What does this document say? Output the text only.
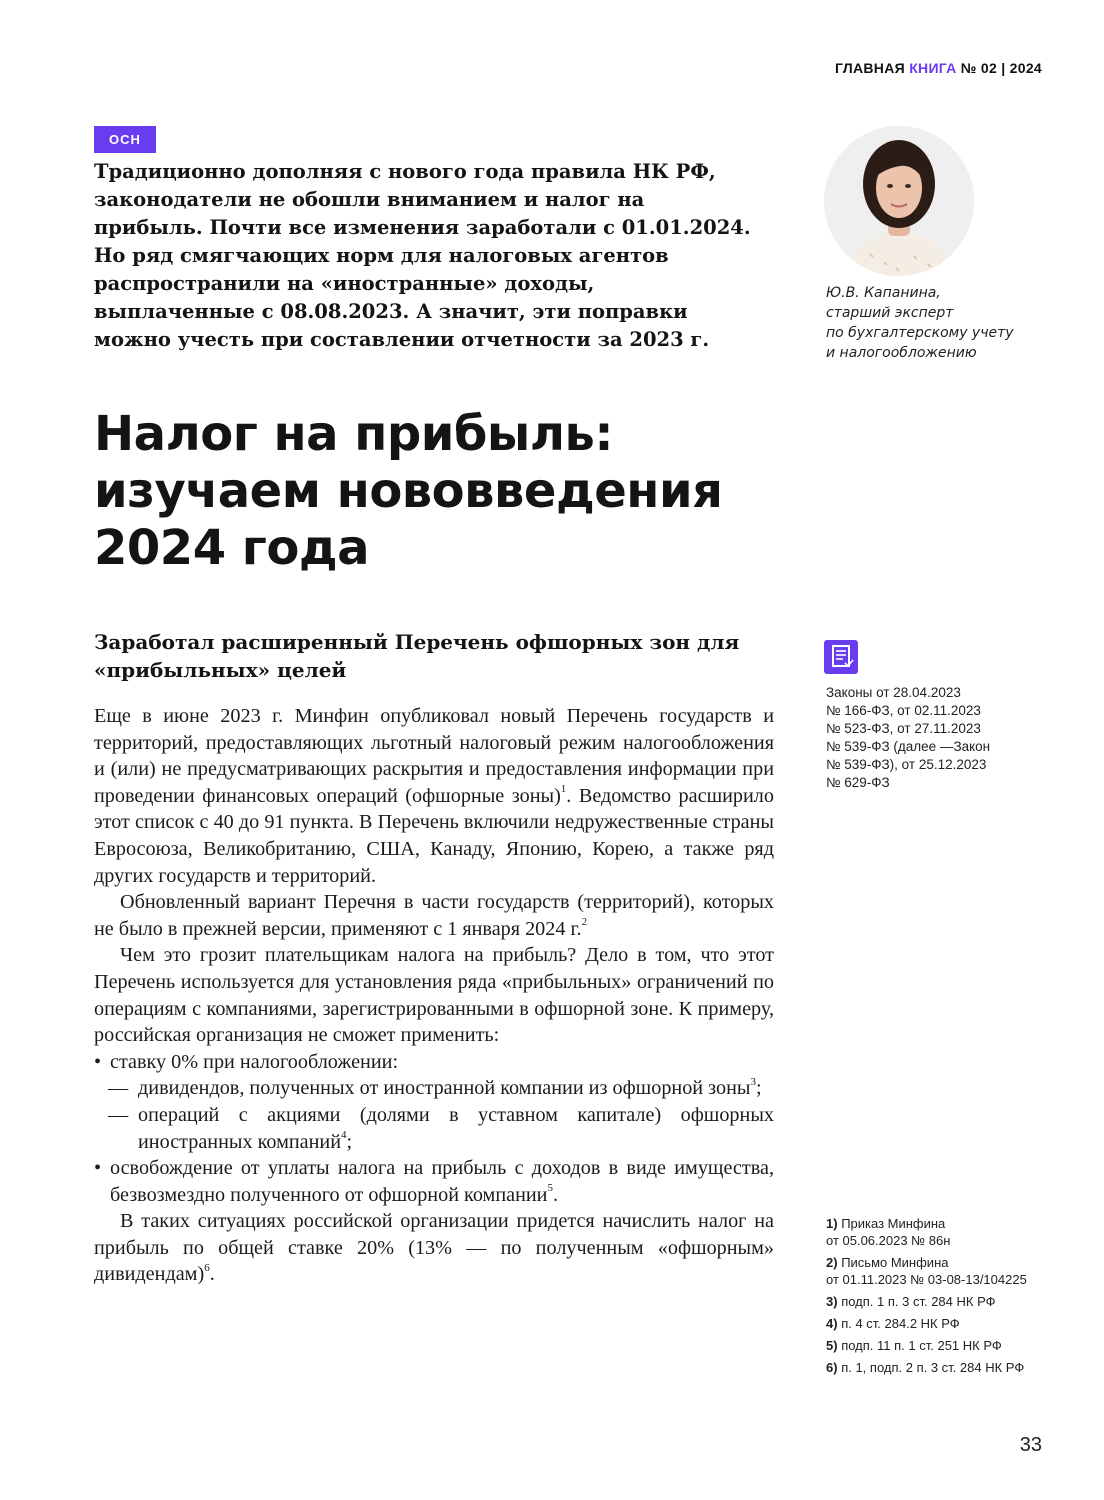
ГЛАВНАЯ КНИГА № 02 | 2024
ОСН

Традиционно дополняя с нового года правила НК РФ, законодатели не обошли вниманием и налог на прибыль. Почти все изменения заработали с 01.01.2024. Но ряд смягчающих норм для налоговых агентов распространили на «иностранные» доходы, выплаченные с 08.08.2023. А значит, эти поправки можно учесть при составлении отчетности за 2023 г.

Ю.В. Капанина,
старший эксперт
по бухгалтерскому учету
и налогообложению
Налог на прибыль:
изучаем нововведения
2024 года
Заработал расширенный Перечень офшорных зон для «прибыльных» целей

Еще в июне 2023 г. Минфин опубликовал новый Перечень государств и территорий, предоставляющих льготный налоговый режим налогообложения и (или) не предусматривающих раскрытия и предоставления информации при проведении финансовых операций (офшорные зоны)$^1$. Ведомство расширило этот список с 40 до 91 пункта. В Перечень включили недружественные страны Евросоюза, Великобританию, США, Канаду, Японию, Корею, а также ряд других государств и территорий.

Обновленный вариант Перечня в части государств (территорий), которых не было в прежней версии, применяют с 1 января 2024 г.$^2$

Чем это грозит плательщикам налога на прибыль? Дело в том, что этот Перечень используется для установления ряда «прибыльных» ограничений по операциям с компаниями, зарегистрированными в офшорной зоне. К примеру, российская организация не сможет применить:

• ставку 0% при налогообложении:
— дивидендов, полученных от иностранной компании из офшорной зоны$^3$;
— операций с акциями (долями в уставном капитале) офшорных иностранных компаний$^4$;
• освобождение от уплаты налога на прибыль с доходов в виде имущества, безвозмездно полученного от офшорной компании$^5$.

В таких ситуациях российской организации придется начислить налог на прибыль по общей ставке 20% (13% — по полученным «офшорным» дивидендам)$^6$.

Законы от 28.04.2023
№ 166-ФЗ, от 02.11.2023
№ 523-ФЗ, от 27.11.2023
№ 539-ФЗ (далее —Закон
№ 539-ФЗ), от 25.12.2023
№ 629-ФЗ
1) Приказ Минфина
от 05.06.2023 № 86н
2) Письмо Минфина
от 01.11.2023 № 03-08-13/104225
3) подп. 1 п. 3 ст. 284 НК РФ
4) п. 4 ст. 284.2 НК РФ
5) подп. 11 п. 1 ст. 251 НК РФ
6) п. 1, подп. 2 п. 3 ст. 284 НК РФ
33
